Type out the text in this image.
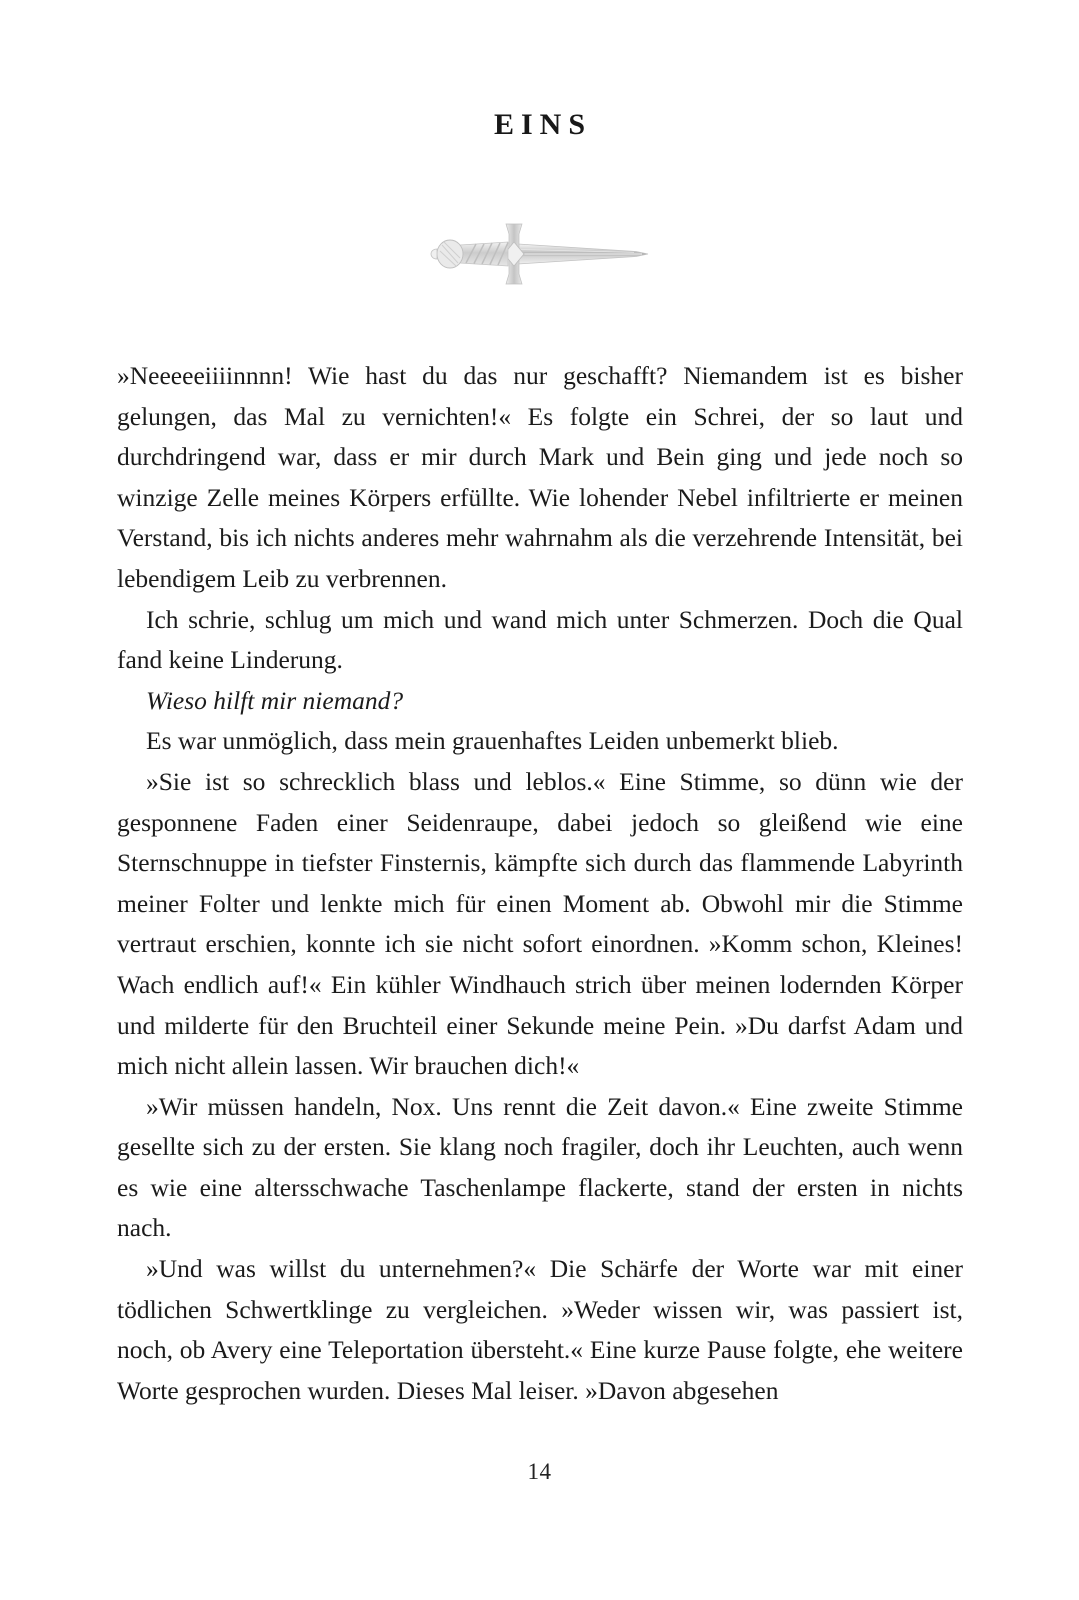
EINS

»Neeeeeiiiinnnn! Wie hast du das nur geschafft? Niemandem ist es bisher gelungen, das Mal zu vernichten!« Es folgte ein Schrei, der so laut und durchdringend war, dass er mir durch Mark und Bein ging und jede noch so winzige Zelle meines Körpers erfüllte. Wie lohender Nebel infiltrierte er meinen Verstand, bis ich nichts anderes mehr wahrnahm als die verzehrende Intensität, bei lebendigem Leib zu verbrennen.

Ich schrie, schlug um mich und wand mich unter Schmerzen. Doch die Qual fand keine Linderung.

Wieso hilft mir niemand?

Es war unmöglich, dass mein grauenhaftes Leiden unbemerkt blieb.

»Sie ist so schrecklich blass und leblos.« Eine Stimme, so dünn wie der gesponnene Faden einer Seidenraupe, dabei jedoch so gleißend wie eine Sternschnuppe in tiefster Finsternis, kämpfte sich durch das flammende Labyrinth meiner Folter und lenkte mich für einen Moment ab. Obwohl mir die Stimme vertraut erschien, konnte ich sie nicht sofort einordnen. »Komm schon, Kleines! Wach endlich auf!« Ein kühler Windhauch strich über meinen lodernden Körper und milderte für den Bruchteil einer Sekunde meine Pein. »Du darfst Adam und mich nicht allein lassen. Wir brauchen dich!«

»Wir müssen handeln, Nox. Uns rennt die Zeit davon.« Eine zweite Stimme gesellte sich zu der ersten. Sie klang noch fragiler, doch ihr Leuchten, auch wenn es wie eine altersschwache Taschenlampe flackerte, stand der ersten in nichts nach.

»Und was willst du unternehmen?« Die Schärfe der Worte war mit einer tödlichen Schwertklinge zu vergleichen. »Weder wissen wir, was passiert ist, noch, ob Avery eine Teleportation übersteht.« Eine kurze Pause folgte, ehe weitere Worte gesprochen wurden. Dieses Mal leiser. »Davon abgesehen

14
